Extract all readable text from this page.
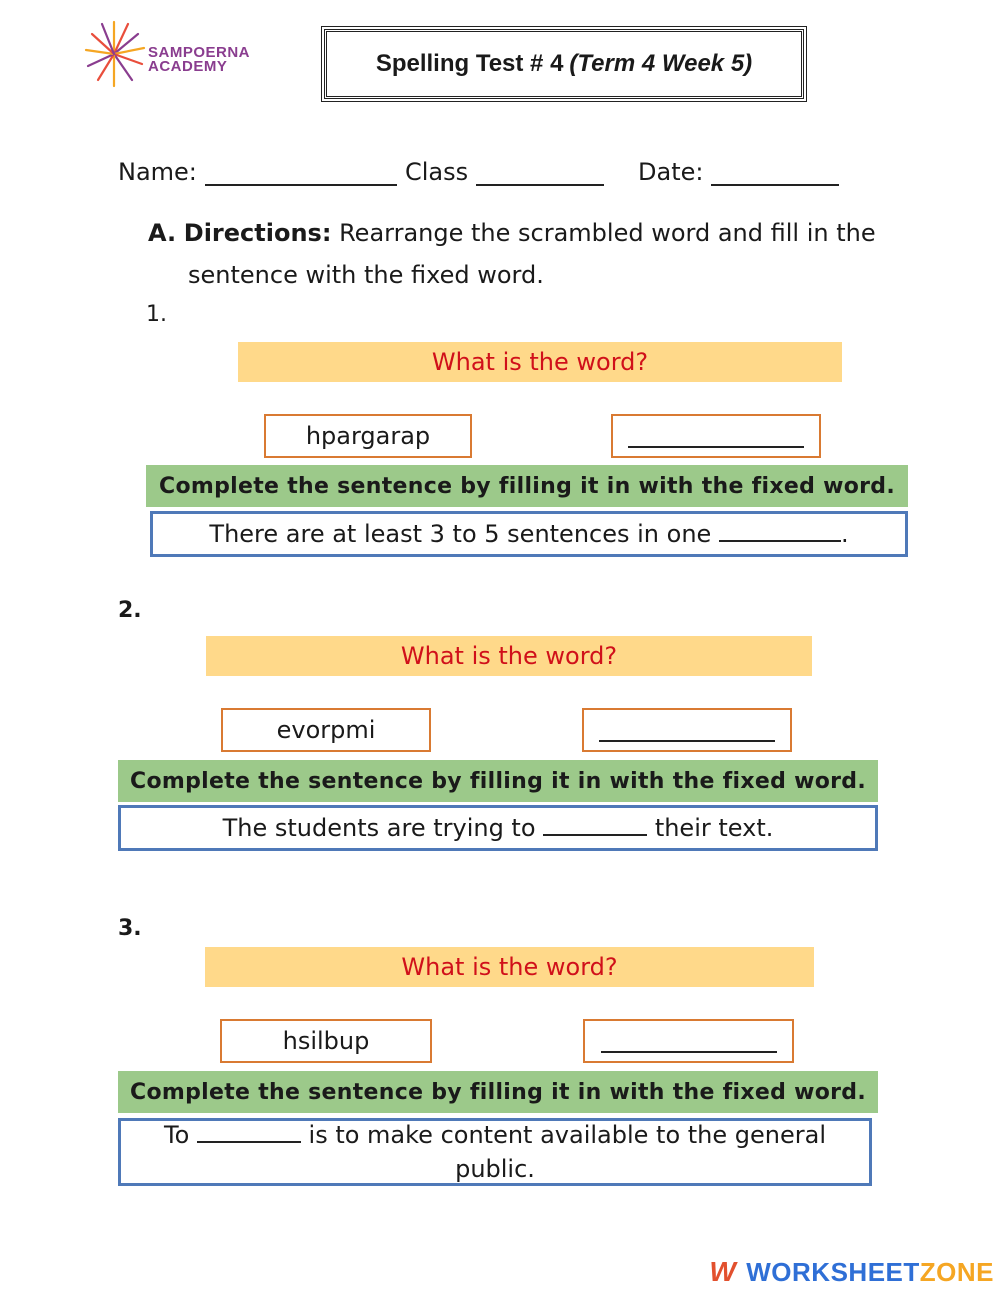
SAMPOERNA
ACADEMY	Spelling Test # 4 (Term 4 Week 5)
Name:	Class	Date:
A. Directions: Rearrange the scrambled word and fill in the
sentence with the fixed word.
1.
What is the word?
hpargarap
Complete the sentence by filling it in with the fixed word.
There are at least 3 to 5 sentences in one	.
2.
What is the word?
evorpmi
Complete the sentence by filling it in with the fixed word.
The students are trying to	their text.
3.
What is the word?
hsilbup
Complete the sentence by filling it in with the fixed word.
To	is to make content available to the general public.
W WORKSHEET ZONE
